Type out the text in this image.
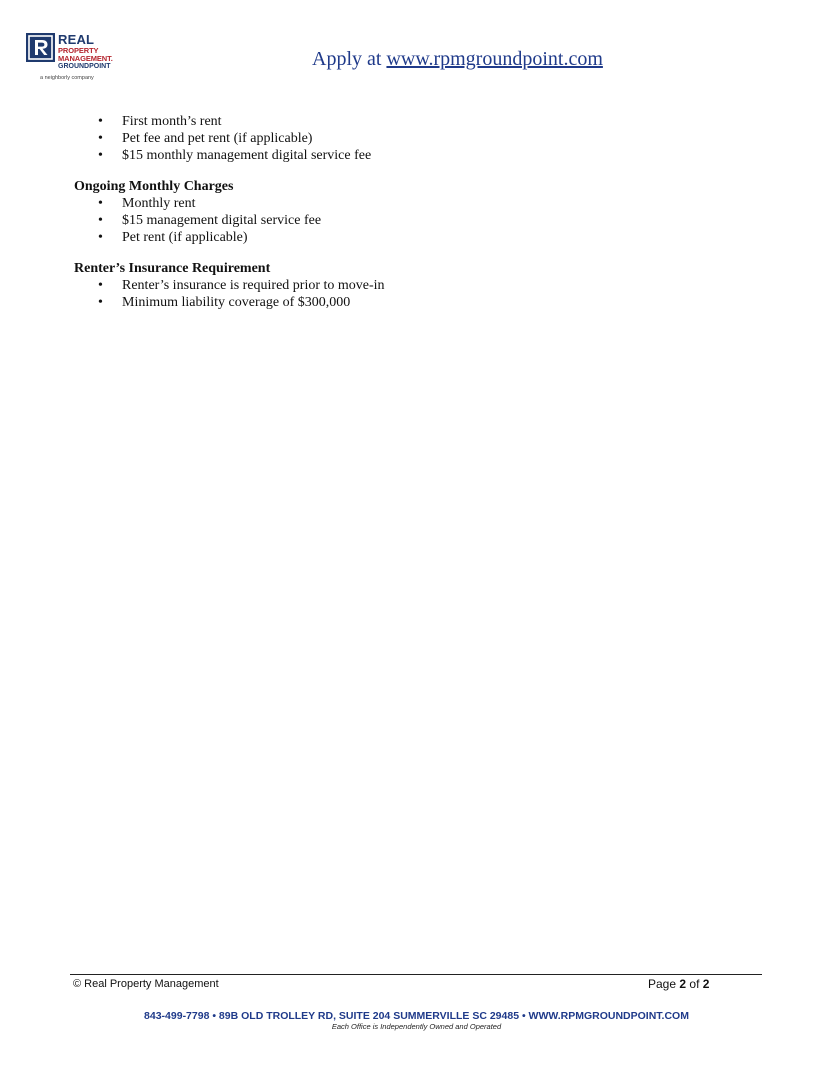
REAL
PROPERTY
MANAGEMENT.
GROUNDPOINT
a neighborly company
Apply at www.rpmgroundpoint.com
• First month’s rent
• Pet fee and pet rent (if applicable)
• $15 monthly management digital service fee
Ongoing Monthly Charges
• Monthly rent
• $15 management digital service fee
• Pet rent (if applicable)
Renter’s Insurance Requirement
• Renter’s insurance is required prior to move-in
• Minimum liability coverage of $300,000
© Real Property Management	Page 2 of 2
843-499-7798 • 89B OLD TROLLEY RD, SUITE 204 SUMMERVILLE SC 29485 • WWW.RPMGROUNDPOINT.COM
Each Office is Independently Owned and Operated
